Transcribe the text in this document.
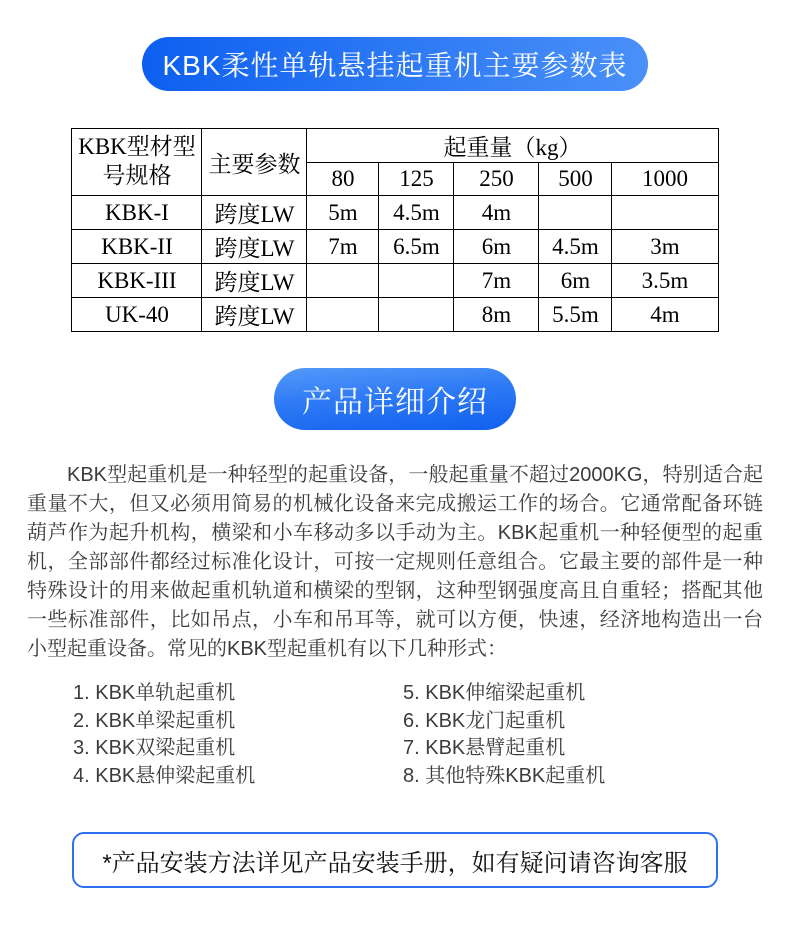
KBK柔性单轨悬挂起重机主要参数表
KBK型材型号规格	主要参数	起重量（kg）				
		80	125	250	500	1000
KBK-I	跨度LW	5m	4.5m	4m		
KBK-II	跨度LW	7m	6.5m	6m	4.5m	3m
KBK-III	跨度LW			7m	6m	3.5m
UK-40	跨度LW			8m	5.5m	4m
产品详细介绍

KBK型起重机是一种轻型的起重设备，一般起重量不超过2000KG，特别适合起重量不大，但又必须用简易的机械化设备来完成搬运工作的场合。它通常配备环链葫芦作为起升机构，横梁和小车移动多以手动为主。KBK起重机一种轻便型的起重机，全部部件都经过标准化设计，可按一定规则任意组合。它最主要的部件是一种特殊设计的用来做起重机轨道和横梁的型钢，这种型钢强度高且自重轻；搭配其他一些标准部件，比如吊点，小车和吊耳等，就可以方便，快速，经济地构造出一台小型起重设备。常见的KBK型起重机有以下几种形式：

1. KBK单轨起重机
2. KBK单梁起重机
3. KBK双梁起重机
4. KBK悬伸梁起重机
5. KBK伸缩梁起重机
6. KBK龙门起重机
7. KBK悬臂起重机
8. 其他特殊KBK起重机
*产品安装方法详见产品安装手册，如有疑问请咨询客服
